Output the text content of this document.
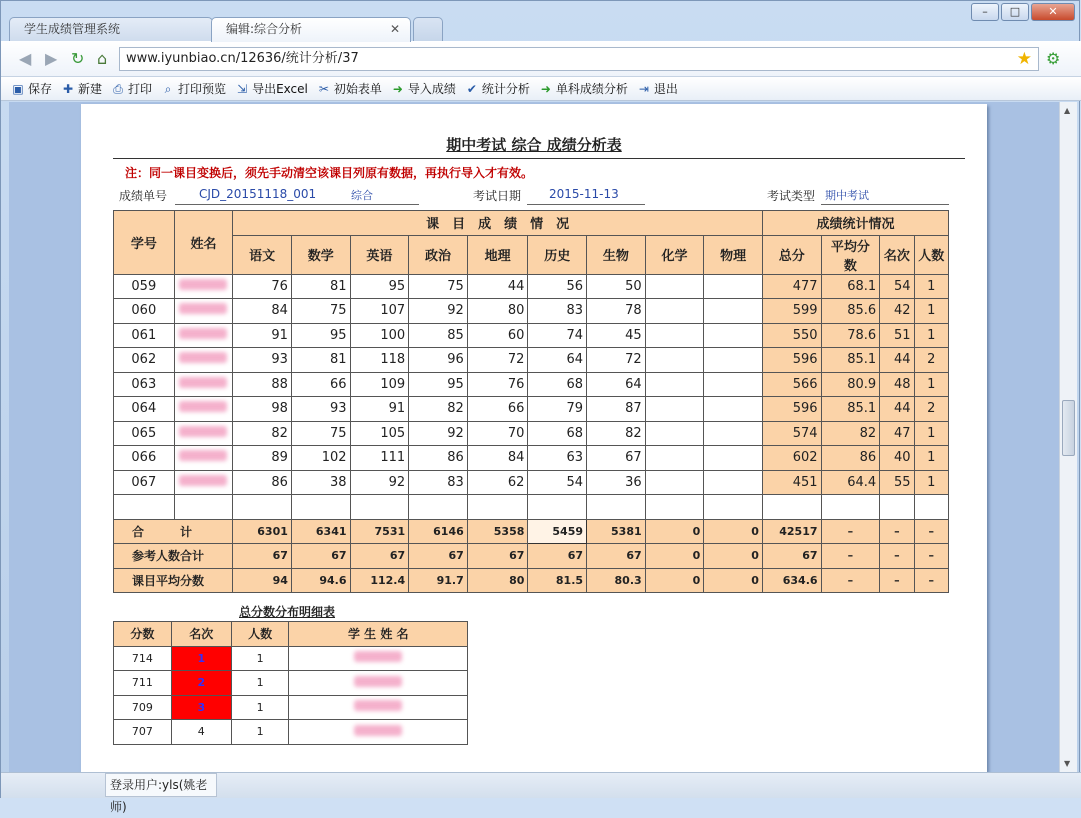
学生成绩管理系统	编辑:综合分析	✕
–	□	✕
◀ ▶ ↻ ⌂	www.iyunbiao.cn/12636/统计分析/37	★ ⚙
▣ 保存 ✚ 新建 ⎙ 打印	⌕ 打印预览 ⇲ 导出Excel ✂ 初始表单 ➜ 导入成绩 ✔ 统计分析 ➜ 单科成绩分析 ⇥ 退出
期中考试 综合 成绩分析表
注：同一课目变换后，须先手动清空该课目列原有数据，再执行导入才有效。
成绩单号	CJD_20151118_001	综合	考试日期	2015-11-13	考试类型 期中考试
学号	姓名	课　目　成　绩　情　况									成绩统计情况			
		语文	数学	英语	政治	地理	历史	生物	化学	物理	总分	平均分数	名次	人数
059		76	81	95	75	44	56	50			477	68.1	54	1
060		84	75	107	92	80	83	78			599	85.6	42	1
061		91	95	100	85	60	74	45			550	78.6	51	1
062		93	81	118	96	72	64	72			596	85.1	44	2
063		88	66	109	95	76	68	64			566	80.9	48	1
064		98	93	91	82	66	79	87			596	85.1	44	2
065		82	75	105	92	70	68	82			574	82	47	1
066		89	102	111	86	84	63	67			602	86	40	1
067		86	38	92	83	62	54	36			451	64.4	55	1

合　　　计		6301	6341	7531	6146	5358	5459	5381	0	0	42517	–	–	–
参考人数合计		67	67	67	67	67	67	67	0	0	67	–	–	–
课目平均分数		94	94.6	112.4	91.7	80	81.5	80.3	0	0	634.6	–	–	–
总分数分布明细表
分数	名次	人数	学 生 姓 名
714	1	1	
711	2	1	
709	3	1	
707	4	1	
▲
▼
登录用户:yls(姚老师)
